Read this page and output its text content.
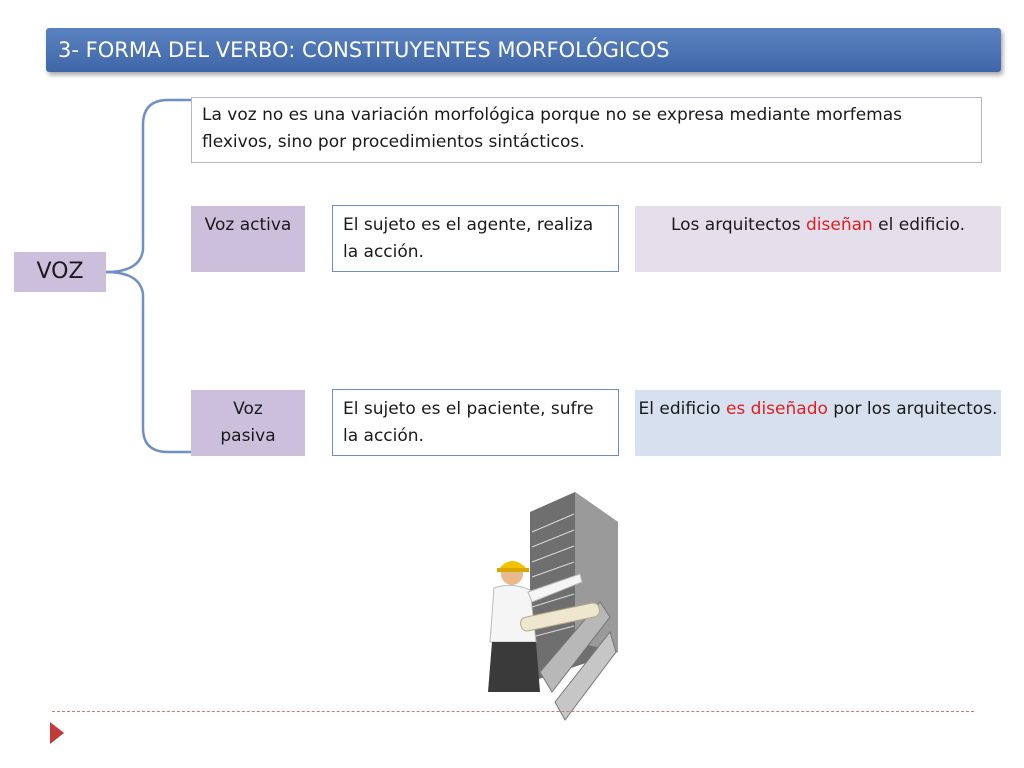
3- FORMA DEL VERBO: CONSTITUYENTES MORFOLÓGICOS
VOZ
La voz no es una variación morfológica porque no se expresa mediante morfemas flexivos, sino por procedimientos sintácticos.
Voz activa	El sujeto es el agente, realiza la acción.
Los arquitectos diseñan el edificio.
Voz
pasiva
El sujeto es el paciente, sufre la acción.
El edificio es diseñado por los arquitectos.
